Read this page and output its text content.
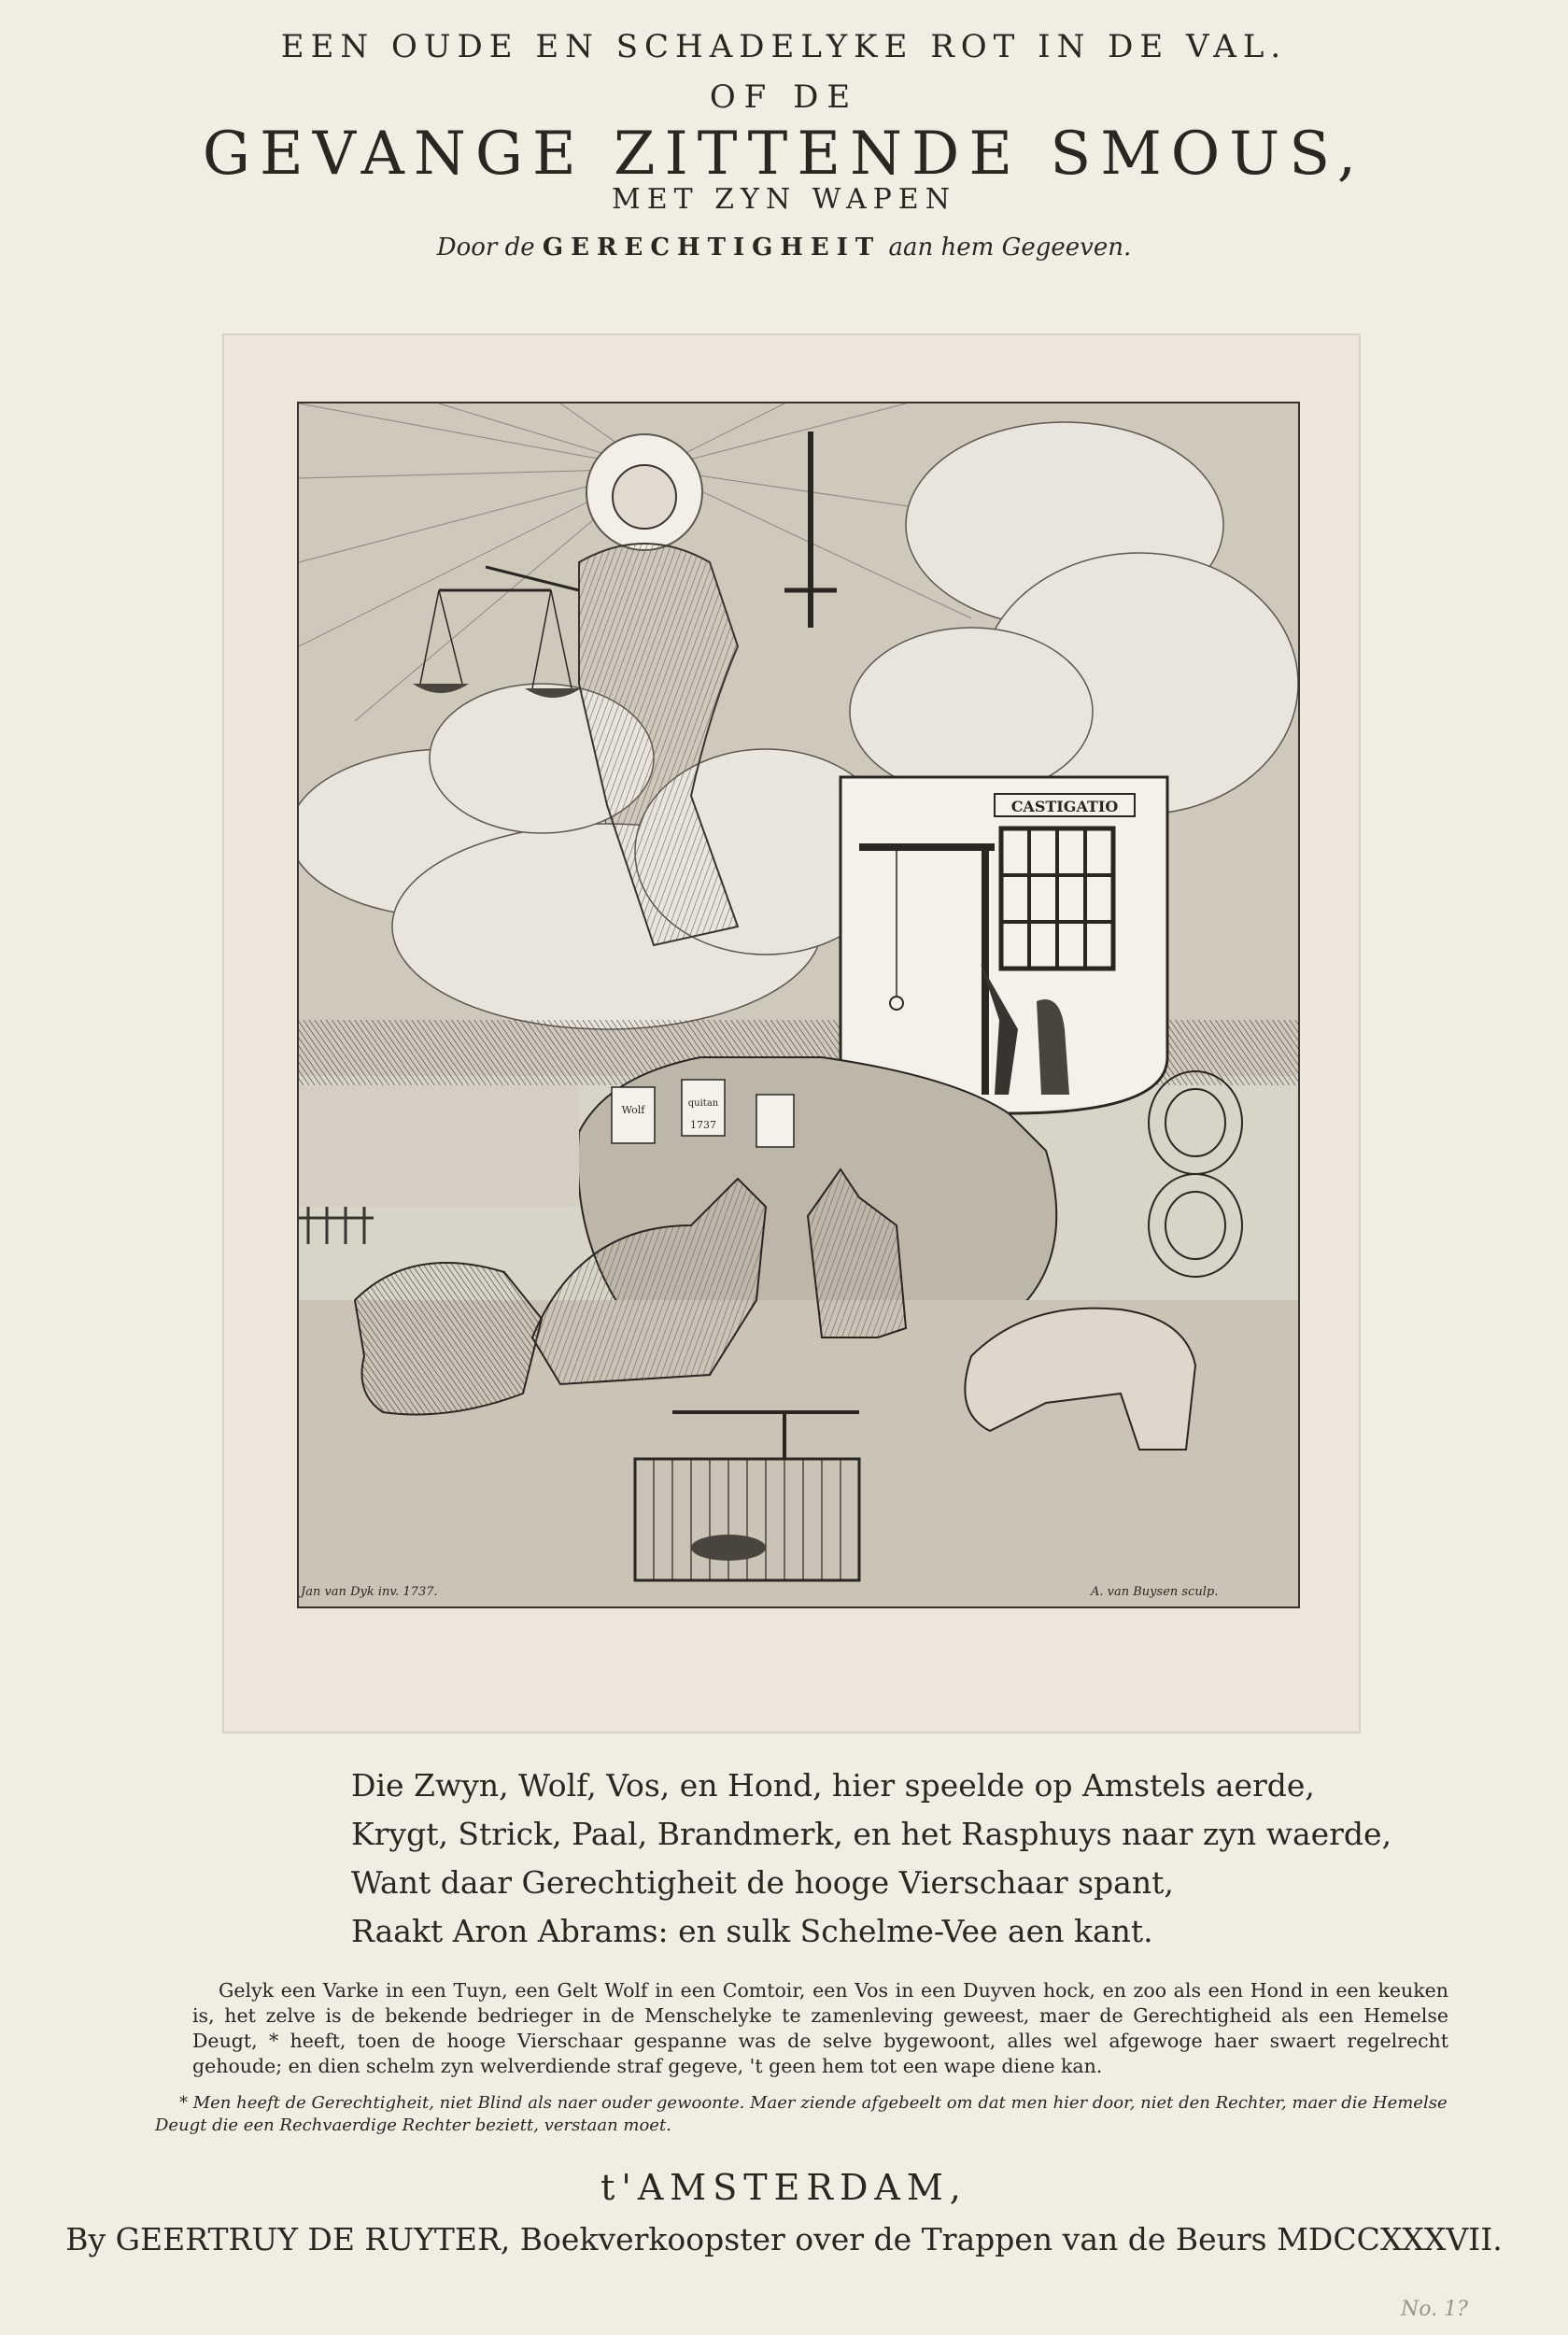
EEN OUDE EN SCHADELYKE ROT IN DE VAL.
OF DE
GEVANGE ZITTENDE SMOUS,
MET ZYN WAPEN
Door de GERECHTIGHEIT aan hem Gegeeven.
CASTIGATIO
Wolf
quitan
1737
Jan van Dyk inv. 1737.	A. van Buysen sculp.
Die Zwyn, Wolf, Vos, en Hond, hier speelde op Amstels aerde,
Krygt, Strick, Paal, Brandmerk, en het Rasphuys naar zyn waerde,
Want daar Gerechtigheit de hooge Vierschaar spant,
Raakt Aron Abrams: en sulk Schelme-Vee aen kant.

Gelyk een Varke in een Tuyn, een Gelt Wolf in een Comtoir, een Vos in een Duyven hock, en zoo als een Hond in een keuken is, het zelve is de bekende bedrieger in de Menschelyke te zamenleving geweest, maer de Gerechtigheid als een Hemelse Deugt, * heeft, toen de hooge Vierschaar gespanne was de selve bygewoont, alles wel afgewoge haer swaert regelrecht gehoude; en dien schelm zyn welverdiende straf gegeve, 't geen hem tot een wape diene kan.

* Men heeft de Gerechtigheit, niet Blind als naer ouder gewoonte. Maer ziende afgebeelt om dat men hier door, niet den Rechter, maer die Hemelse Deugt die een Rechvaerdige Rechter beziett, verstaan moet.

t'AMSTERDAM,
By GEERTRUY DE RUYTER, Boekverkoopster over de Trappen van de Beurs MDCCXXXVII.
No. 1?
